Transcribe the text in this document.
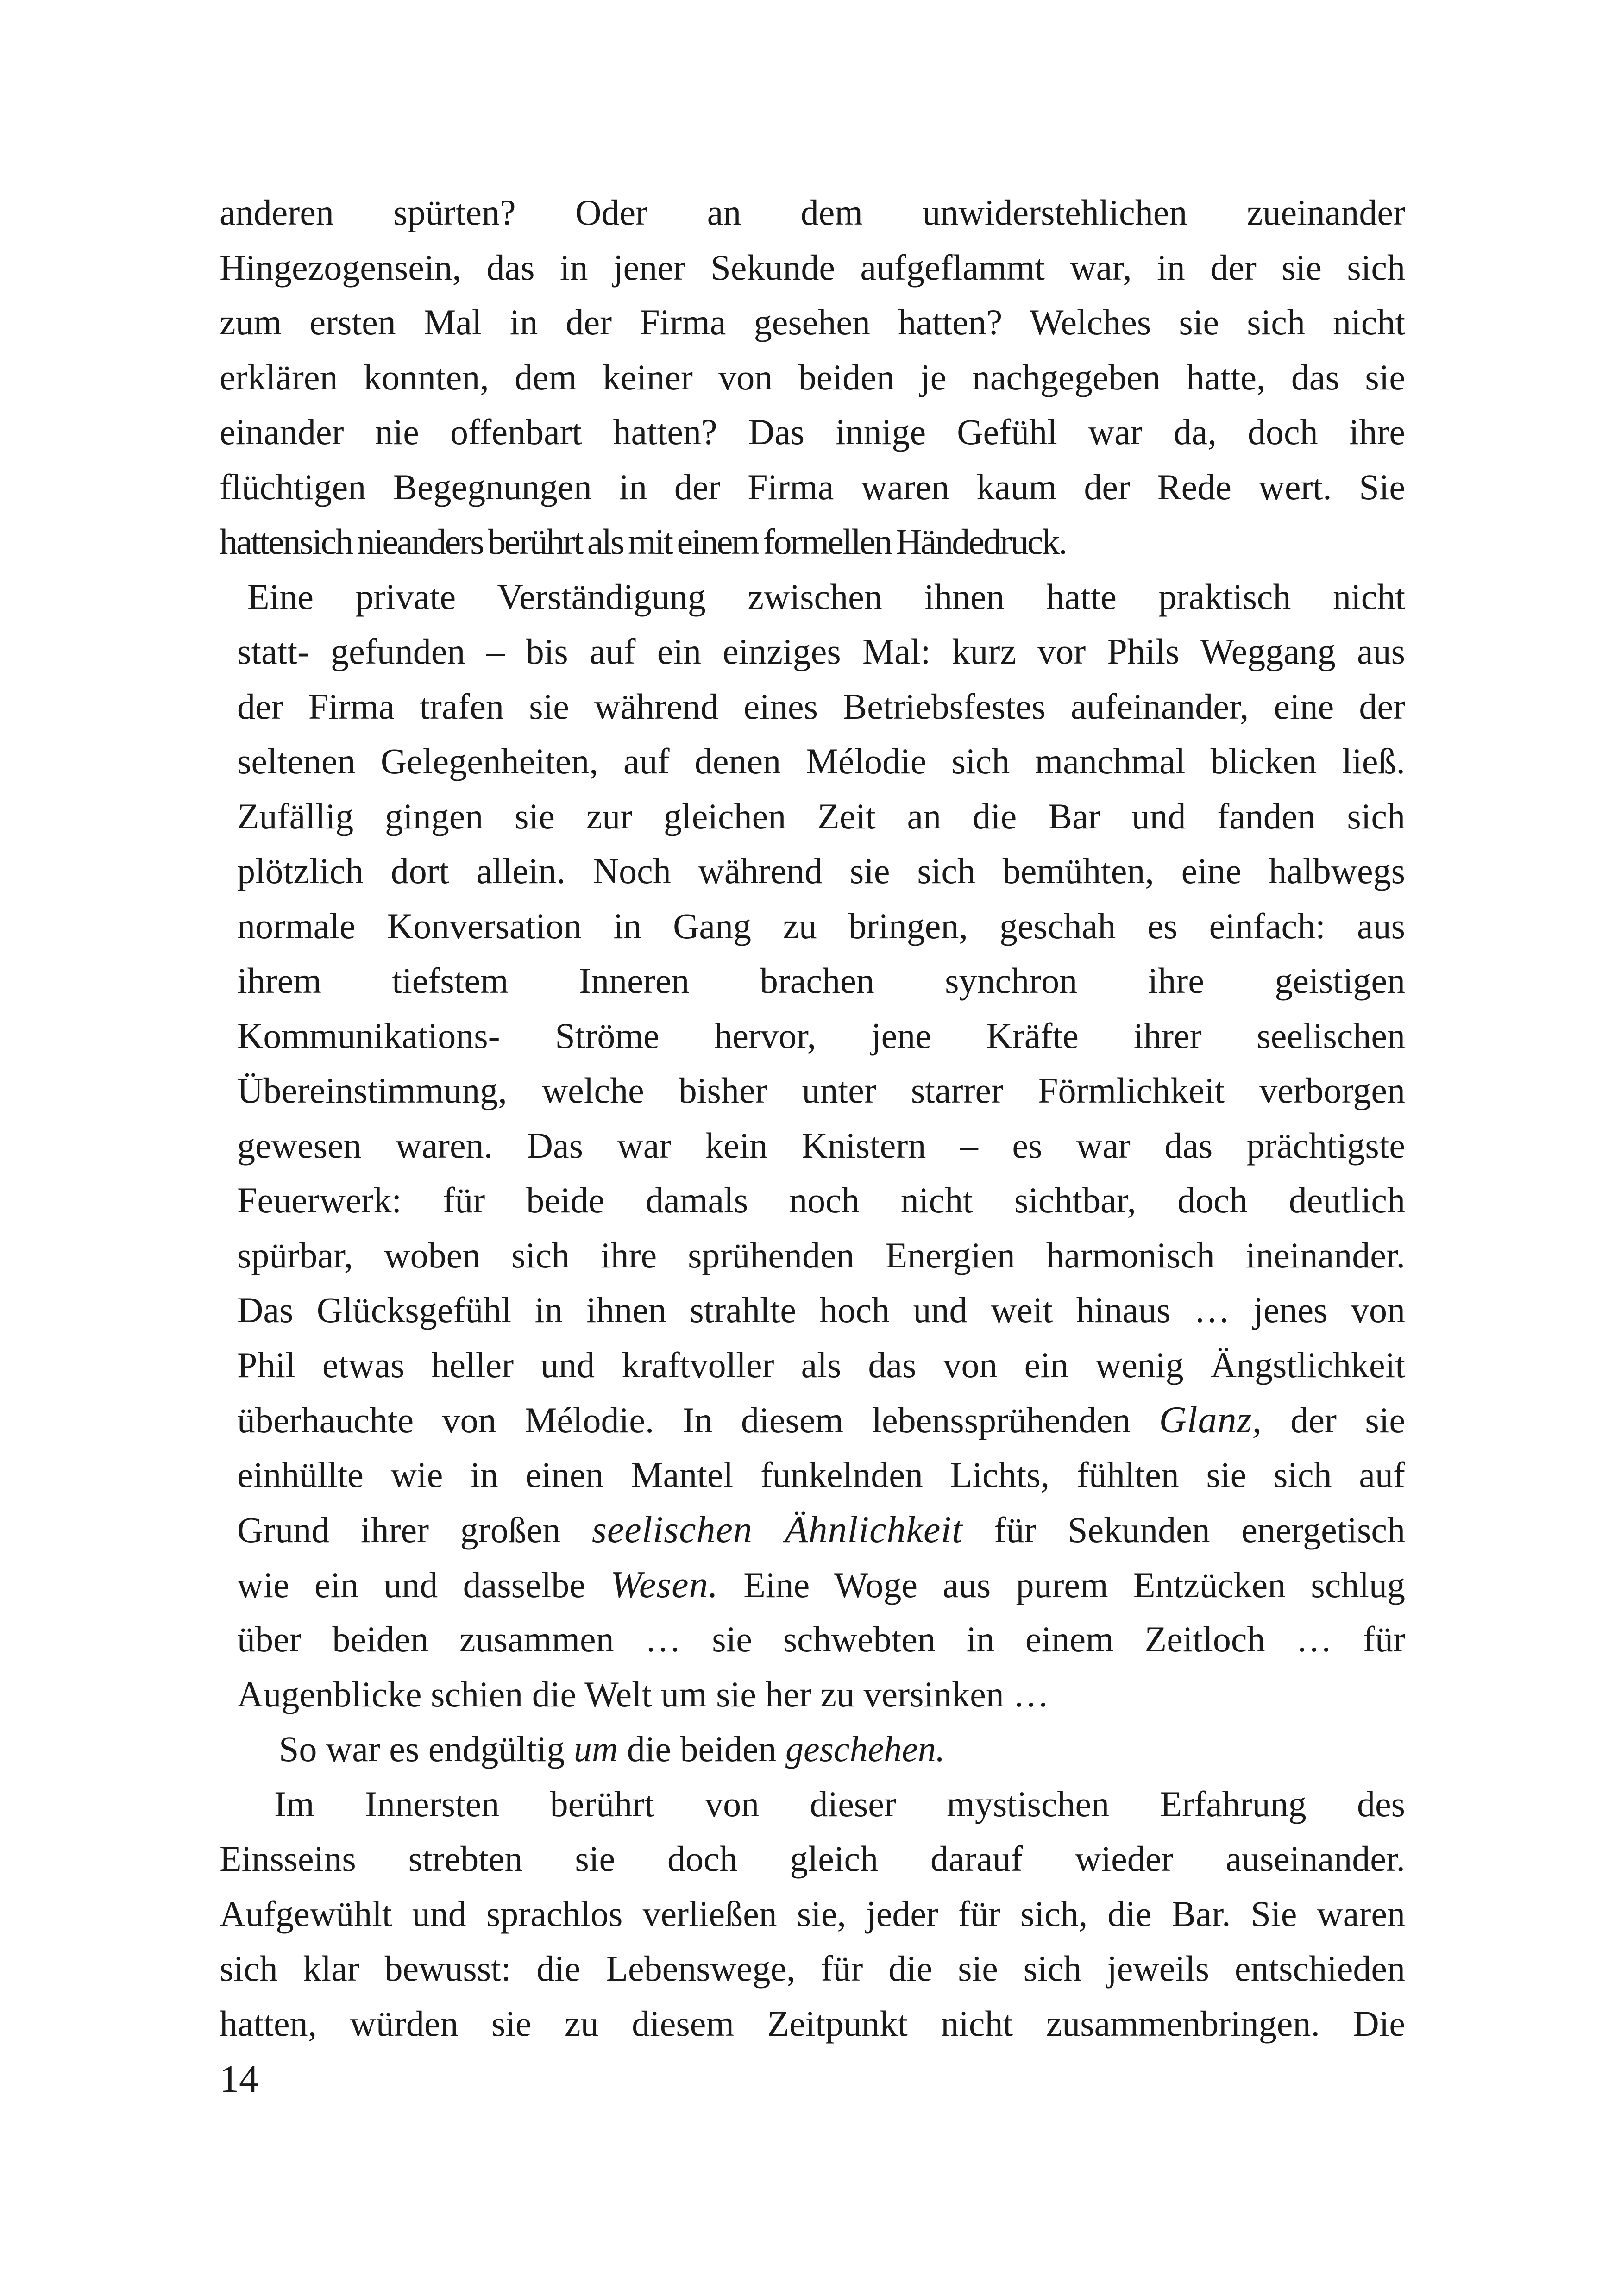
anderen spürten? Oder an dem unwiderstehlichen zueinander
Hingezogensein, das in jener Sekunde aufgeflammt war, in der sie sich
zum ersten Mal in der Firma gesehen hatten? Welches sie sich nicht
erklären konnten, dem keiner von beiden je nachgegeben hatte, das sie
einander nie offenbart hatten? Das innige Gefühl war da, doch ihre
flüchtigen Begegnungen in der Firma waren kaum der Rede wert. Sie
hattensich nieanders berührt als mit einem formellen Händedruck.
Eine private Verständigung zwischen ihnen hatte praktisch nicht
statt- gefunden – bis auf ein einziges Mal: kurz vor Phils Weggang aus
der Firma trafen sie während eines Betriebsfestes aufeinander, eine der
seltenen Gelegenheiten, auf denen Mélodie sich manchmal blicken ließ.
Zufällig gingen sie zur gleichen Zeit an die Bar und fanden sich
plötzlich dort allein. Noch während sie sich bemühten, eine halbwegs
normale Konversation in Gang zu bringen, geschah es einfach: aus
ihrem tiefstem Inneren brachen synchron ihre geistigen
Kommunikations- Ströme hervor, jene Kräfte ihrer seelischen
Übereinstimmung, welche bisher unter starrer Förmlichkeit verborgen
gewesen waren. Das war kein Knistern – es war das prächtigste
Feuerwerk: für beide damals noch nicht sichtbar, doch deutlich
spürbar, woben sich ihre sprühenden Energien harmonisch ineinander.
Das Glücksgefühl in ihnen strahlte hoch und weit hinaus … jenes von
Phil etwas heller und kraftvoller als das von ein wenig Ängstlichkeit
überhauchte von Mélodie. In diesem lebenssprühenden Glanz, der sie
einhüllte wie in einen Mantel funkelnden Lichts, fühlten sie sich auf
Grund ihrer großen seelischen Ähnlichkeit für Sekunden energetisch
wie ein und dasselbe Wesen. Eine Woge aus purem Entzücken schlug
über beiden zusammen … sie schwebten in einem Zeitloch … für
Augenblicke schien die Welt um sie her zu versinken …
So war es endgültig um die beiden geschehen.
Im Innersten berührt von dieser mystischen Erfahrung des
Einsseins strebten sie doch gleich darauf wieder auseinander.
Aufgewühlt und sprachlos verließen sie, jeder für sich, die Bar. Sie waren
sich klar bewusst: die Lebenswege, für die sie sich jeweils entschieden
hatten, würden sie zu diesem Zeitpunkt nicht zusammenbringen. Die
14
